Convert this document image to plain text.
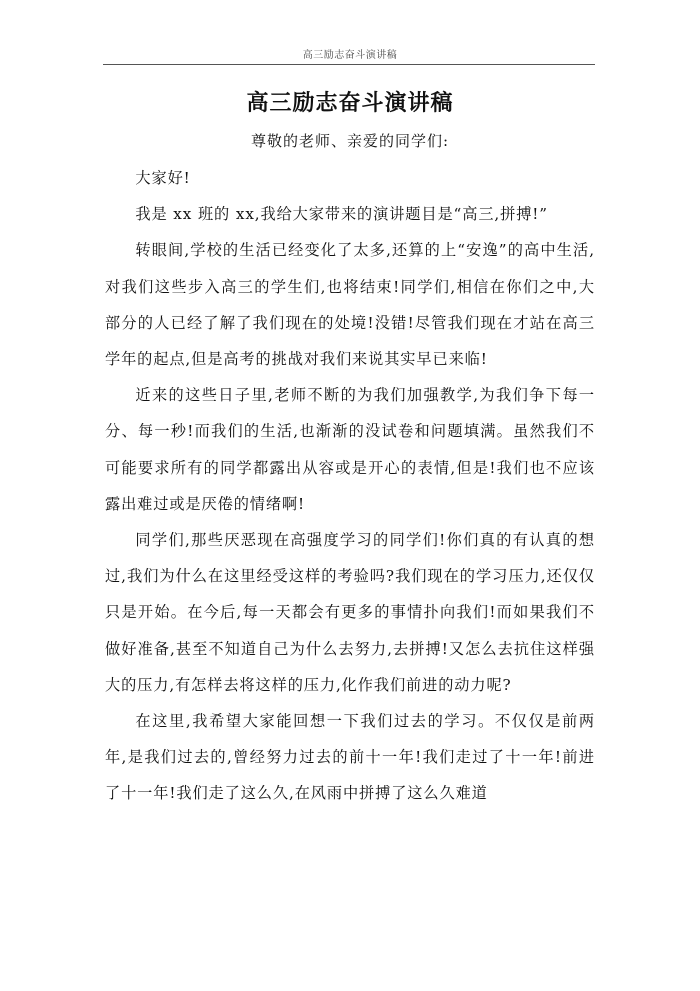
高三励志奋斗演讲稿
高三励志奋斗演讲稿
尊敬的老师、亲爱的同学们:

大家好!

我是 xx 班的 xx,我给大家带来的演讲题目是“高三,拼搏!”

转眼间,学校的生活已经变化了太多,还算的上“安逸”的高中生活,对我们这些步入高三的学生们,也将结束!同学们,相信在你们之中,大部分的人已经了解了我们现在的处境!没错!尽管我们现在才站在高三学年的起点,但是高考的挑战对我们来说其实早已来临!

近来的这些日子里,老师不断的为我们加强教学,为我们争下每一分、每一秒!而我们的生活,也渐渐的没试卷和问题填满。虽然我们不可能要求所有的同学都露出从容或是开心的表情,但是!我们也不应该露出难过或是厌倦的情绪啊!

同学们,那些厌恶现在高强度学习的同学们!你们真的有认真的想过,我们为什么在这里经受这样的考验吗?我们现在的学习压力,还仅仅只是开始。在今后,每一天都会有更多的事情扑向我们!而如果我们不做好准备,甚至不知道自己为什么去努力,去拼搏!又怎么去抗住这样强大的压力,有怎样去将这样的压力,化作我们前进的动力呢?

在这里,我希望大家能回想一下我们过去的学习。不仅仅是前两年,是我们过去的,曾经努力过去的前十一年!我们走过了十一年!前进了十一年!我们走了这么久,在风雨中拼搏了这么久难道
